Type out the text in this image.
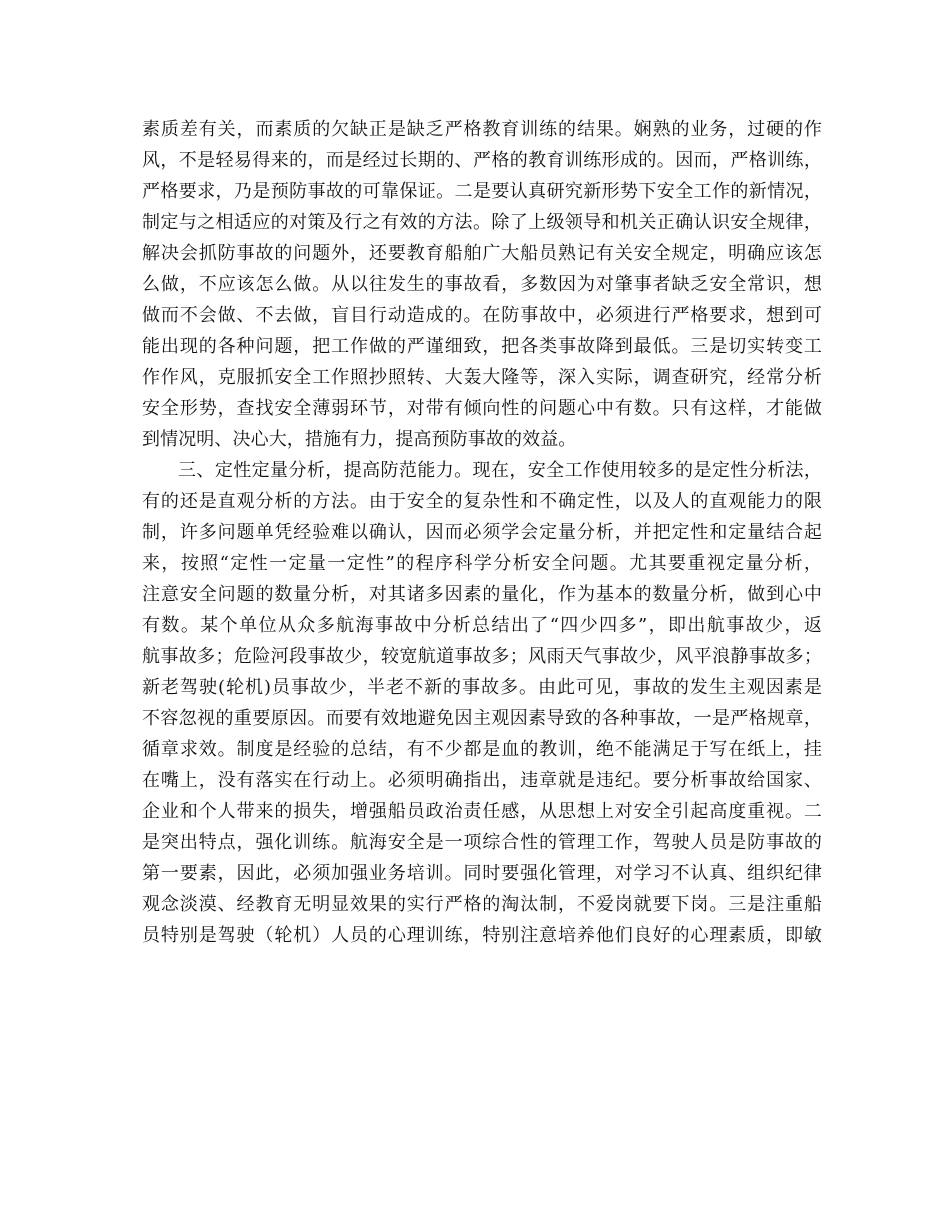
素质差有关，而素质的欠缺正是缺乏严格教育训练的结果。娴熟的业务，过硬的作
风，不是轻易得来的，而是经过长期的、严格的教育训练形成的。因而，严格训练，
严格要求，乃是预防事故的可靠保证。二是要认真研究新形势下安全工作的新情况，
制定与之相适应的对策及行之有效的方法。除了上级领导和机关正确认识安全规律，
解决会抓防事故的问题外，还要教育船舶广大船员熟记有关安全规定，明确应该怎
么做，不应该怎么做。从以往发生的事故看，多数因为对肇事者缺乏安全常识，想
做而不会做、不去做，盲目行动造成的。在防事故中，必须进行严格要求，想到可
能出现的各种问题，把工作做的严谨细致，把各类事故降到最低。三是切实转变工
作作风，克服抓安全工作照抄照转、大轰大隆等，深入实际，调查研究，经常分析
安全形势，查找安全薄弱环节，对带有倾向性的问题心中有数。只有这样，才能做
到情况明、决心大，措施有力，提高预防事故的效益。
三、定性定量分析，提高防范能力。现在，安全工作使用较多的是定性分析法，
有的还是直观分析的方法。由于安全的复杂性和不确定性，以及人的直观能力的限
制，许多问题单凭经验难以确认，因而必须学会定量分析，并把定性和定量结合起
来，按照“定性一定量一定性”的程序科学分析安全问题。尤其要重视定量分析，
注意安全问题的数量分析，对其诸多因素的量化，作为基本的数量分析，做到心中
有数。某个单位从众多航海事故中分析总结出了“四少四多”，即出航事故少，返
航事故多；危险河段事故少，较宽航道事故多；风雨天气事故少，风平浪静事故多；
新老驾驶(轮机)员事故少，半老不新的事故多。由此可见，事故的发生主观因素是
不容忽视的重要原因。而要有效地避免因主观因素导致的各种事故，一是严格规章，
循章求效。制度是经验的总结，有不少都是血的教训，绝不能满足于写在纸上，挂
在嘴上，没有落实在行动上。必须明确指出，违章就是违纪。要分析事故给国家、
企业和个人带来的损失，增强船员政治责任感，从思想上对安全引起高度重视。二
是突出特点，强化训练。航海安全是一项综合性的管理工作，驾驶人员是防事故的
第一要素，因此，必须加强业务培训。同时要强化管理，对学习不认真、组织纪律
观念淡漠、经教育无明显效果的实行严格的淘汰制，不爱岗就要下岗。三是注重船
员特别是驾驶（轮机）人员的心理训练，特别注意培养他们良好的心理素质，即敏
